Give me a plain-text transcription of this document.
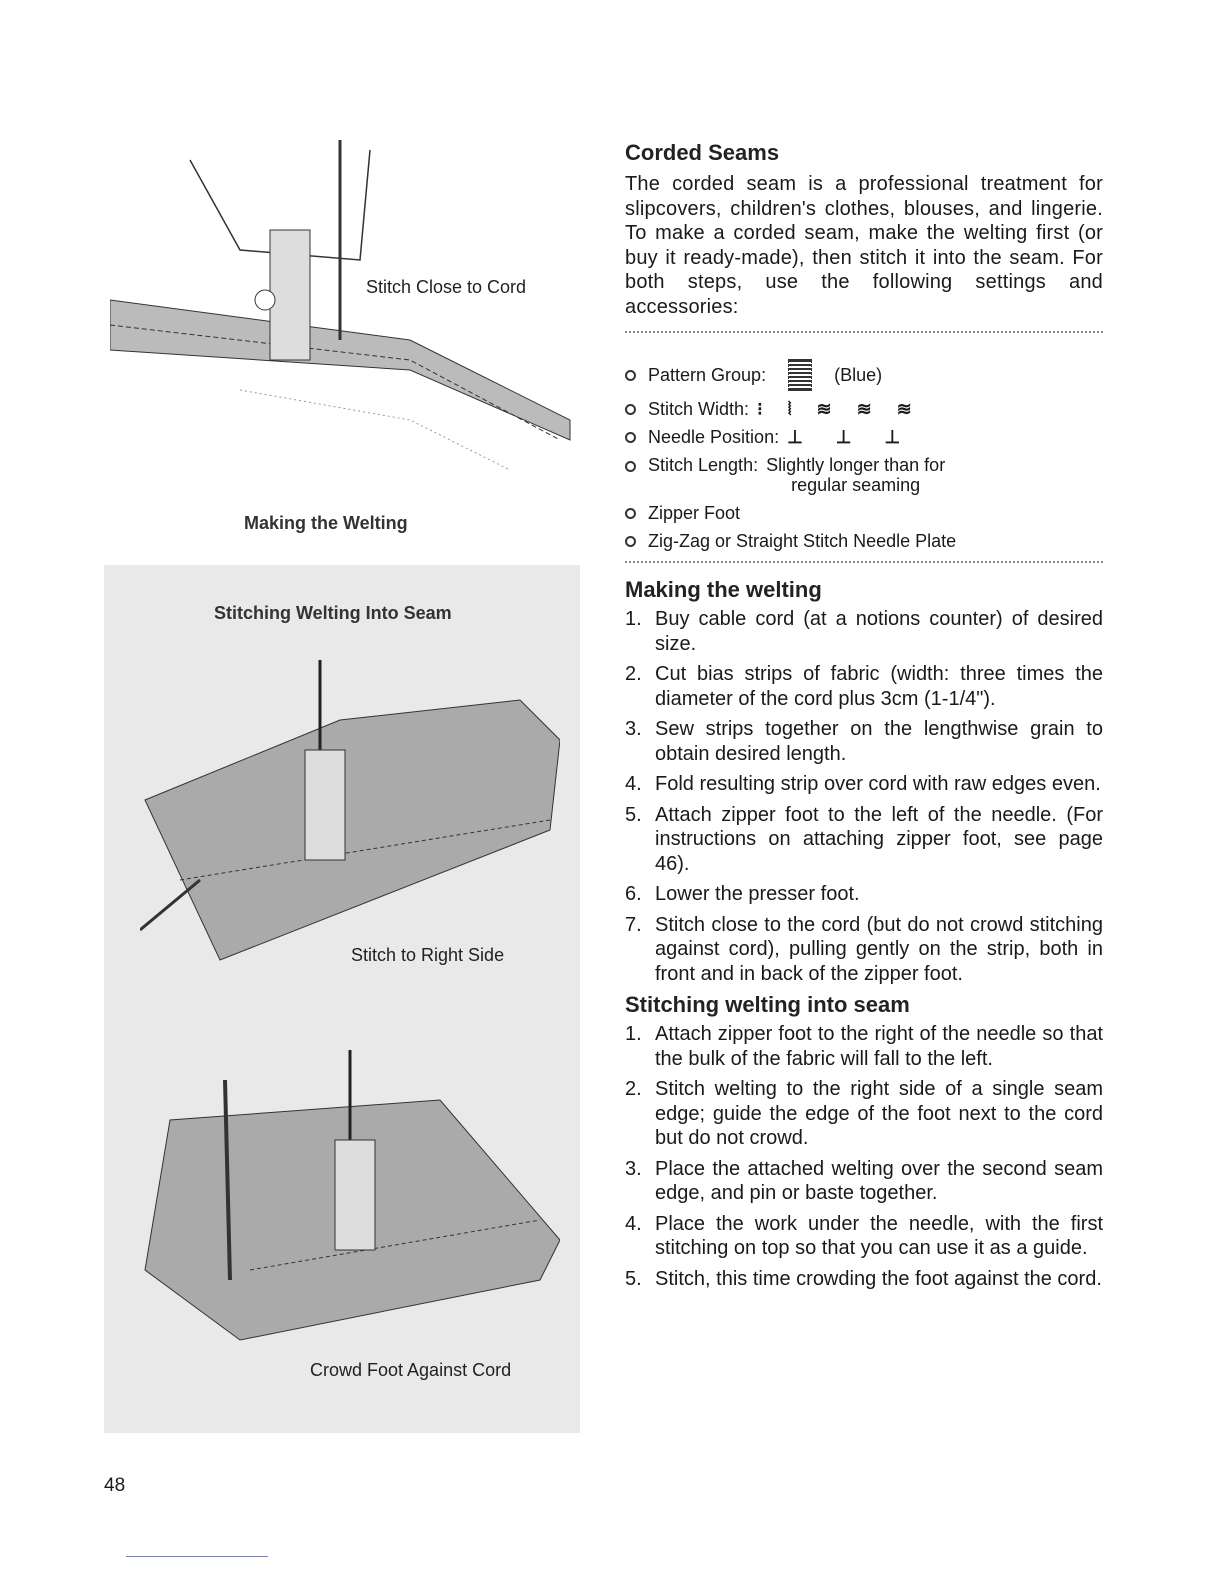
Stitch Close to Cord
Making the Welting
Stitching Welting Into Seam
Stitch to Right Side
Crowd Foot Against Cord
Corded Seams

The corded seam is a professional treatment for slipcovers, children's clothes, blouses, and lingerie. To make a corded seam, make the welting first (or buy it ready-made), then stitch it into the seam. For both steps, use the following settings and accessories:

Pattern Group:	(Blue)
Stitch Width: ⁝ ⦚ ≋ ≋ ≋
Needle Position: ⊥ ⊥ ⊥
Stitch Length: Slightly longer than for
regular seaming
Zipper Foot
Zig-Zag or Straight Stitch Needle Plate
Making the welting
1. Buy cable cord (at a notions counter) of desired size.
2. Cut bias strips of fabric (width: three times the diameter of the cord plus 3cm (1-1/4").
3. Sew strips together on the lengthwise grain to obtain desired length.
4. Fold resulting strip over cord with raw edges even.
5. Attach zipper foot to the left of the needle. (For instructions on attaching zipper foot, see page 46).
6. Lower the presser foot.
7. Stitch close to the cord (but do not crowd stitching against cord), pulling gently on the strip, both in front and in back of the zipper foot.
Stitching welting into seam
1. Attach zipper foot to the right of the needle so that the bulk of the fabric will fall to the left.
2. Stitch welting to the right side of a single seam edge; guide the edge of the foot next to the cord but do not crowd.
3. Place the attached welting over the second seam edge, and pin or baste together.
4. Place the work under the needle, with the first stitching on top so that you can use it as a guide.
5. Stitch, this time crowding the foot against the cord.
48
